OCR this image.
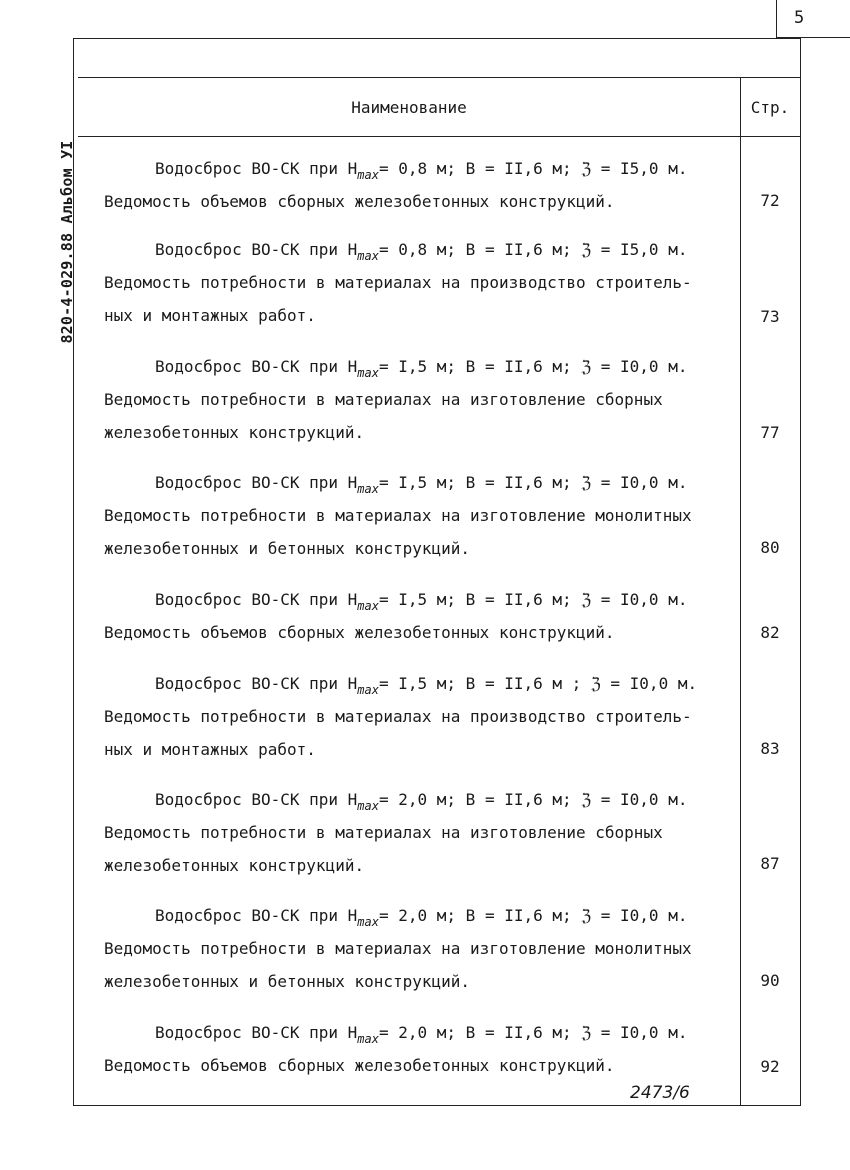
5
820-4-029.88 Альбом УI
Наименование	Стр.
Водосброс ВО-СК при $Н_{max}= 0,8$ м; В = II,6 м; ℨ = I5,0 м.
Ведомость объемов сборных железобетонных конструкций.	72
Водосброс ВО-СК при $Н_{max}= 0,8$ м; В = II,6 м; ℨ = I5,0 м.
Ведомость потребности в материалах на производство строитель-
ных и монтажных работ.	73
Водосброс ВО-СК при $Н_{max}= I,5$ м; В = II,6 м; ℨ = I0,0 м.
Ведомость потребности в материалах на изготовление сборных
железобетонных конструкций.	77
Водосброс ВО-СК при $Н_{max}= I,5$ м; В = II,6 м; ℨ = I0,0 м.
Ведомость потребности в материалах на изготовление монолитных
железобетонных и бетонных конструкций.	80
Водосброс ВО-СК при $Н_{max}= I,5$ м; В = II,6 м; ℨ = I0,0 м.
Ведомость объемов сборных железобетонных конструкций.	82
Водосброс ВО-СК при $Н_{max}= I,5$ м; В = II,6 м ; ℨ = I0,0 м.
Ведомость потребности в материалах на производство строитель-
ных и монтажных работ.	83
Водосброс ВО-СК при $Н_{max}= 2,0$ м; В = II,6 м; ℨ = I0,0 м.
Ведомость потребности в материалах на изготовление сборных
железобетонных конструкций.	87
Водосброс ВО-СК при $Н_{max}= 2,0$ м; В = II,6 м; ℨ = I0,0 м.
Ведомость потребности в материалах на изготовление монолитных
железобетонных и бетонных конструкций.	90
Водосброс ВО-СК при $Н_{max}= 2,0$ м; В = II,6 м; ℨ = I0,0 м.
Ведомость объемов сборных железобетонных конструкций.	92
2473/6
